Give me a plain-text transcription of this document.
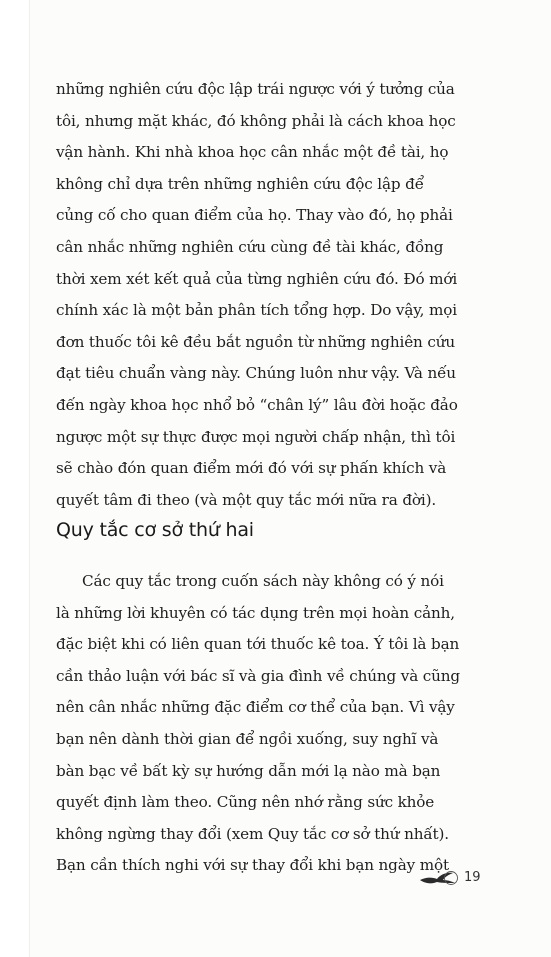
những nghiên cứu độc lập trái ngược với ý tưởng của
tôi, nhưng mặt khác, đó không phải là cách khoa học
vận hành. Khi nhà khoa học cân nhắc một đề tài, họ
không chỉ dựa trên những nghiên cứu độc lập để
củng cố cho quan điểm của họ. Thay vào đó, họ phải
cân nhắc những nghiên cứu cùng đề tài khác, đồng
thời xem xét kết quả của từng nghiên cứu đó. Đó mới
chính xác là một bản phân tích tổng hợp. Do vậy, mọi
đơn thuốc tôi kê đều bắt nguồn từ những nghiên cứu
đạt tiêu chuẩn vàng này. Chúng luôn như vậy. Và nếu
đến ngày khoa học nhổ bỏ “chân lý” lâu đời hoặc đảo
ngược một sự thực được mọi người chấp nhận, thì tôi
sẽ chào đón quan điểm mới đó với sự phấn khích và
quyết tâm đi theo (và một quy tắc mới nữa ra đời).
Quy tắc cơ sở thứ hai
Các quy tắc trong cuốn sách này không có ý nói
là những lời khuyên có tác dụng trên mọi hoàn cảnh,
đặc biệt khi có liên quan tới thuốc kê toa. Ý tôi là bạn
cần thảo luận với bác sĩ và gia đình về chúng và cũng
nên cân nhắc những đặc điểm cơ thể của bạn. Vì vậy
bạn nên dành thời gian để ngồi xuống, suy nghĩ và
bàn bạc về bất kỳ sự hướng dẫn mới lạ nào mà bạn
quyết định làm theo. Cũng nên nhớ rằng sức khỏe
không ngừng thay đổi (xem Quy tắc cơ sở thứ nhất).
Bạn cần thích nghi với sự thay đổi khi bạn ngày một
19
